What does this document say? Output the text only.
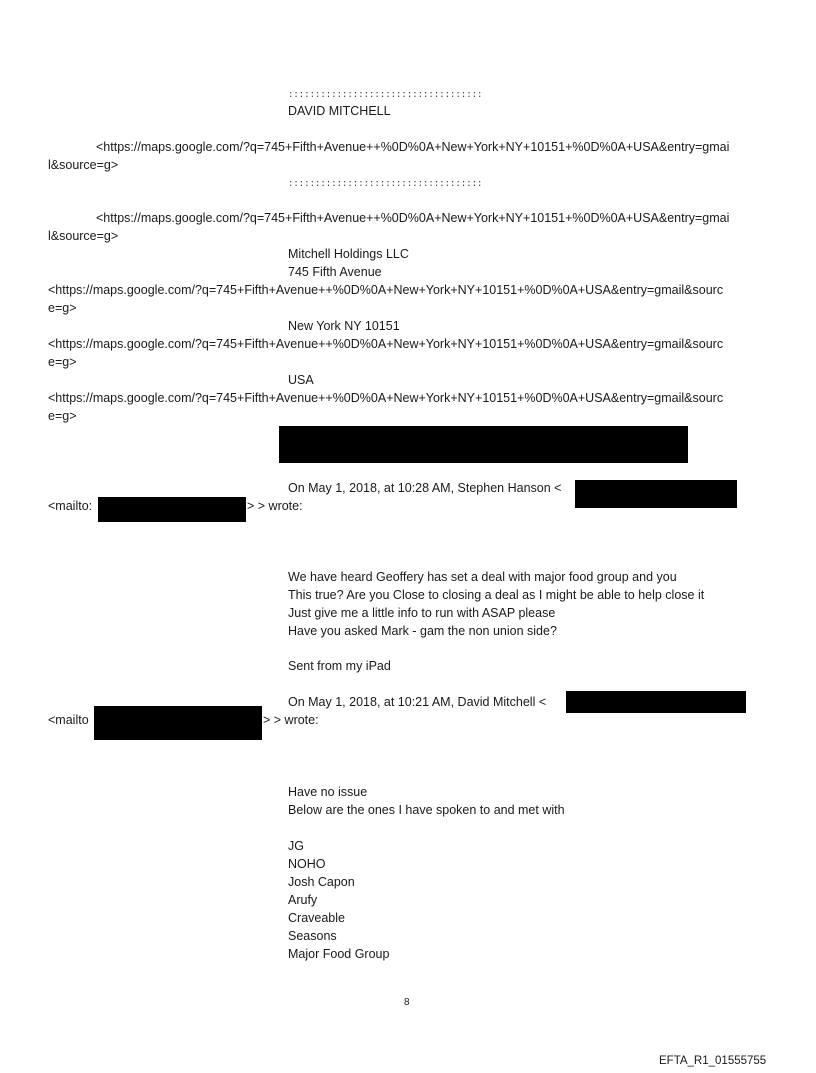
::::::::::::::::::::::::::::::::::::
DAVID MITCHELL
<https://maps.google.com/?q=745+Fifth+Avenue++%0D%0A+New+York+NY+10151+%0D%0A+USA&entry=gmai
l&source=g>
::::::::::::::::::::::::::::::::::::
<https://maps.google.com/?q=745+Fifth+Avenue++%0D%0A+New+York+NY+10151+%0D%0A+USA&entry=gmai
l&source=g>
Mitchell Holdings LLC
745 Fifth Avenue
<https://maps.google.com/?q=745+Fifth+Avenue++%0D%0A+New+York+NY+10151+%0D%0A+USA&entry=gmail&sourc
e=g>
New York NY 10151
<https://maps.google.com/?q=745+Fifth+Avenue++%0D%0A+New+York+NY+10151+%0D%0A+USA&entry=gmail&sourc
e=g>
USA
<https://maps.google.com/?q=745+Fifth+Avenue++%0D%0A+New+York+NY+10151+%0D%0A+USA&entry=gmail&sourc
e=g>
On May 1, 2018, at 10:28 AM, Stephen Hanson <
<mailto:	> > wrote:
We have heard Geoffery has set a deal with major food group and you
This true? Are you Close to closing a deal as I might be able to help close it
Just give me a little info to run with ASAP please
Have you asked Mark - gam the non union side?
Sent from my iPad
On May 1, 2018, at 10:21 AM, David Mitchell <
<mailto	> > wrote:
Have no issue
Below are the ones I have spoken to and met with
JG
NOHO
Josh Capon
Arufy
Craveable
Seasons
Major Food Group
8
EFTA_R1_01555755
